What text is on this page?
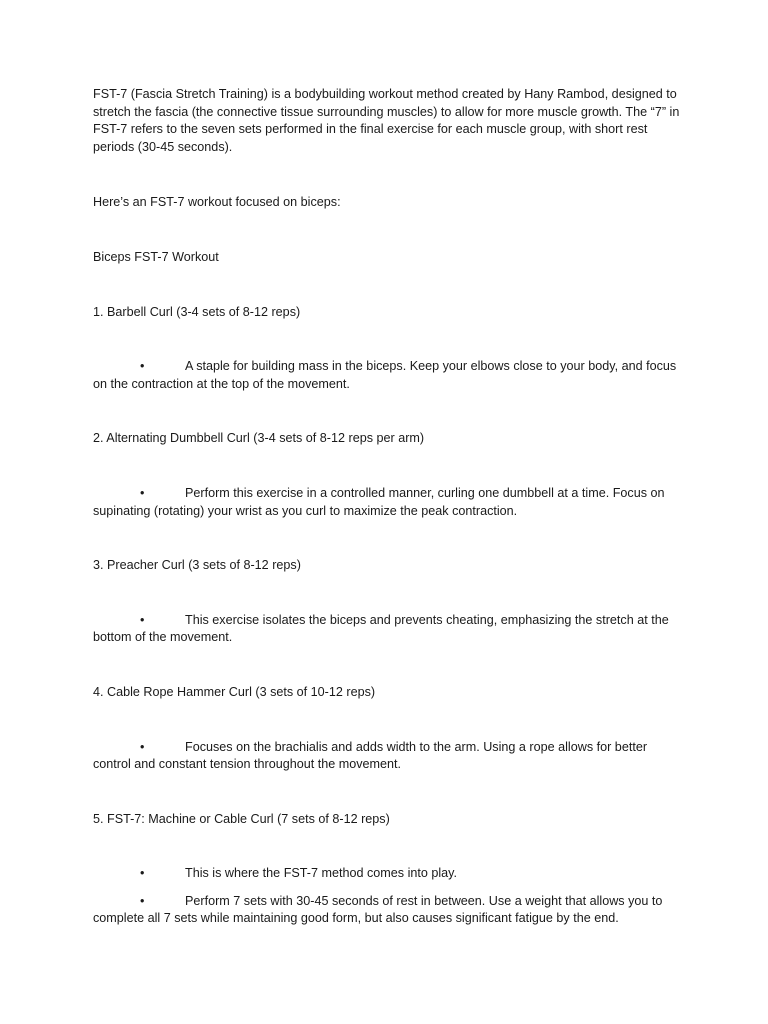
FST-7 (Fascia Stretch Training) is a bodybuilding workout method created by Hany Rambod, designed to stretch the fascia (the connective tissue surrounding muscles) to allow for more muscle growth. The “7” in FST-7 refers to the seven sets performed in the final exercise for each muscle group, with short rest periods (30-45 seconds).

Here’s an FST-7 workout focused on biceps:

Biceps FST-7 Workout

1. Barbell Curl (3-4 sets of 8-12 reps)

•	A staple for building mass in the biceps. Keep your elbows close to your body, and focus on the contraction at the top of the movement.

2. Alternating Dumbbell Curl (3-4 sets of 8-12 reps per arm)

•	Perform this exercise in a controlled manner, curling one dumbbell at a time. Focus on supinating (rotating) your wrist as you curl to maximize the peak contraction.

3. Preacher Curl (3 sets of 8-12 reps)

•	This exercise isolates the biceps and prevents cheating, emphasizing the stretch at the bottom of the movement.

4. Cable Rope Hammer Curl (3 sets of 10-12 reps)

•	Focuses on the brachialis and adds width to the arm. Using a rope allows for better control and constant tension throughout the movement.

5. FST-7: Machine or Cable Curl (7 sets of 8-12 reps)

•	This is where the FST-7 method comes into play.

•	Perform 7 sets with 30-45 seconds of rest in between. Use a weight that allows you to complete all 7 sets while maintaining good form, but also causes significant fatigue by the end.
